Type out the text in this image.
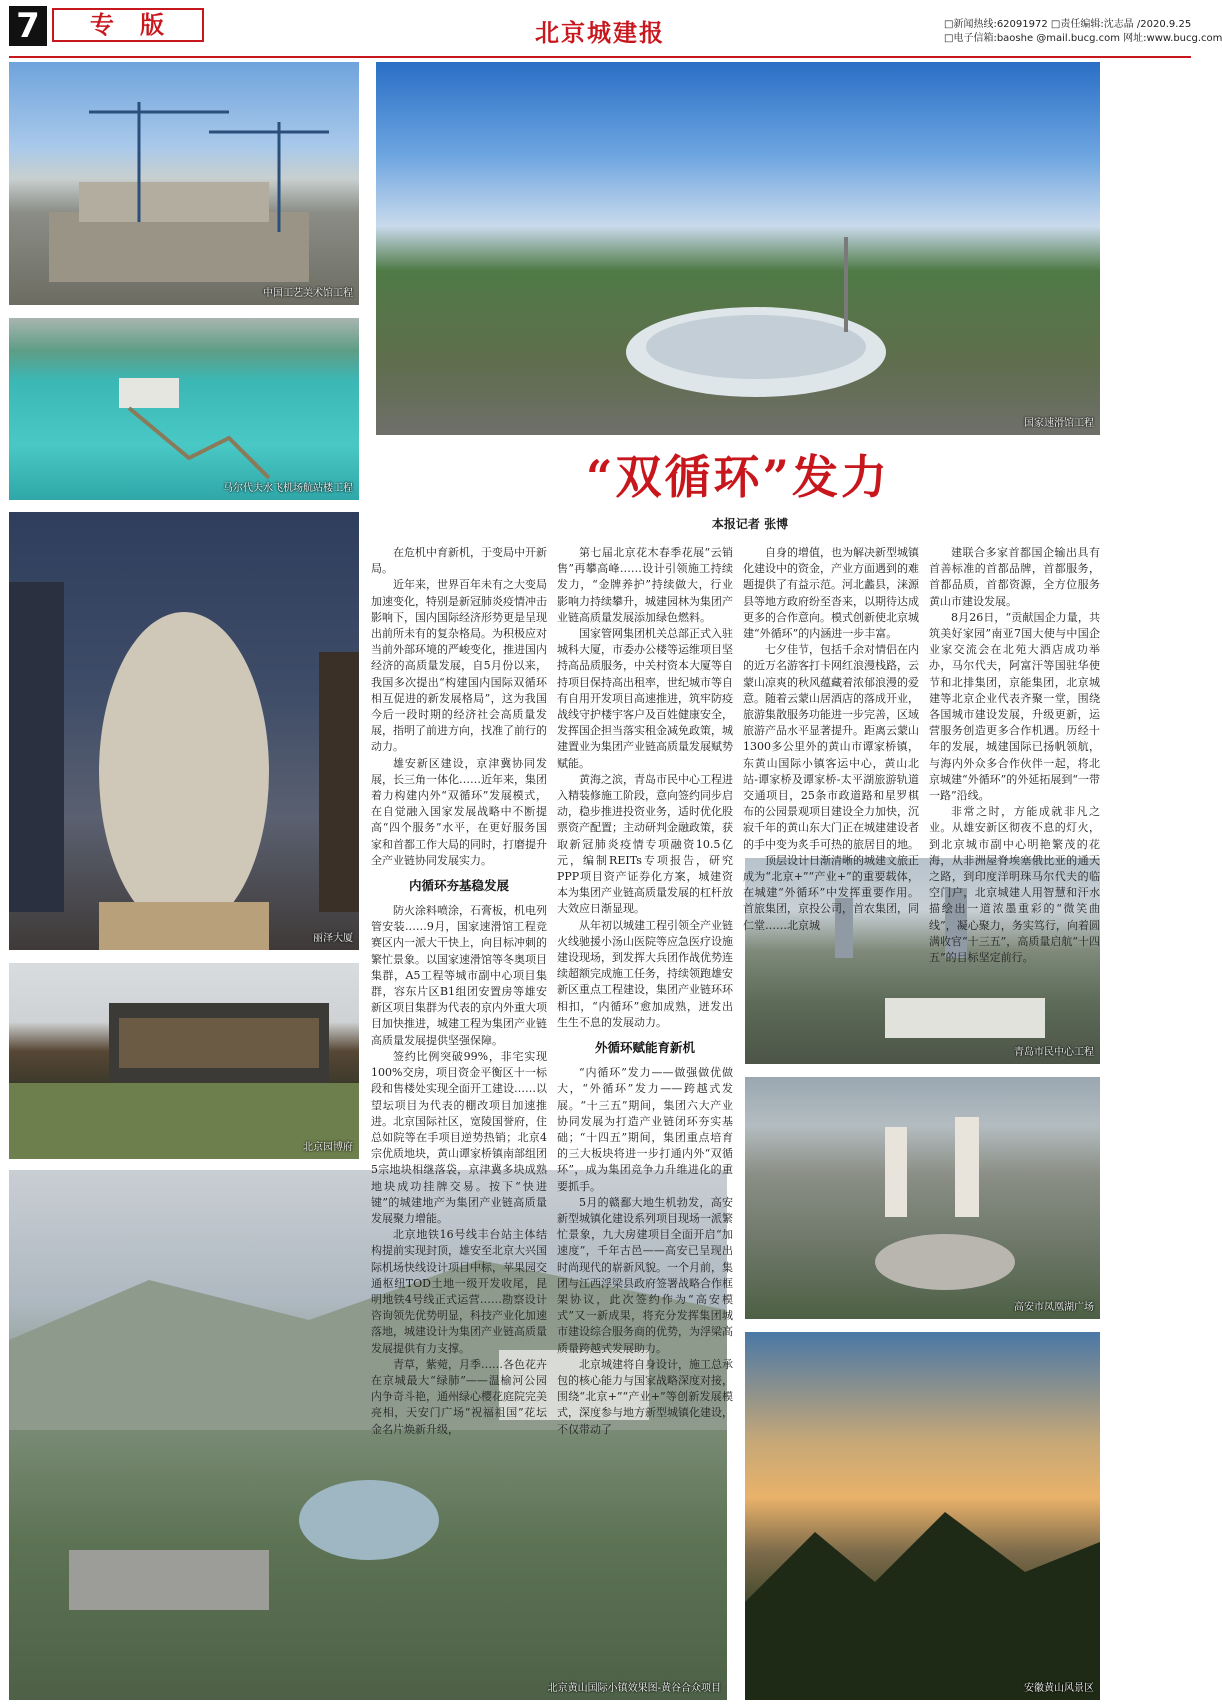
7	专版	北京城建报	□新闻热线:62091972 □责任编辑:沈志晶 /2020.9.25
□电子信箱:baoshe @mail.bucg.com 网址:www.bucg.com
中国工艺美术馆工程
马尔代夫水飞机场航站楼工程
国家速滑馆工程
丽泽大厦
北京园博府
青岛市民中心工程
高安市凤凰湖广场
北京黄山国际小镇效果图-黄谷合众项目	安徽黄山风景区
“双循环”发力
本报记者 张博

在危机中育新机，于变局中开新局。

近年来，世界百年未有之大变局加速变化，特别是新冠肺炎疫情冲击影响下，国内国际经济形势更是呈现出前所未有的复杂格局。为积极应对当前外部环境的严峻变化，推进国内经济的高质量发展，自5月份以来，我国多次提出“构建国内国际双循环相互促进的新发展格局”，这为我国今后一段时期的经济社会高质量发展，指明了前进方向，找准了前行的动力。

雄安新区建设，京津冀协同发展，长三角一体化……近年来，集团着力构建内外“双循环”发展模式，在自觉融入国家发展战略中不断提高“四个服务”水平，在更好服务国家和首都工作大局的同时，打磨提升全产业链协同发展实力。

内循环夯基稳发展

防火涂料喷涂，石膏板，机电列管安装……9月，国家速滑馆工程竞赛区内一派大干快上，向目标冲刺的繁忙景象。以国家速滑馆等冬奥项目集群，A5工程等城市副中心项目集群，容东片区B1组团安置房等雄安新区项目集群为代表的京内外重大项目加快推进，城建工程为集团产业链高质量发展提供坚强保障。

签约比例突破99%，非宅实现100%交房，项目资金平衡区十一标段和售楼处实现全面开工建设……以望坛项目为代表的棚改项目加速推进。北京国际社区，宽陵国誉府，住总如院等在手项目逆势热销；北京4宗优质地块，黄山谭家桥镇南部组团5宗地块相继落袋，京津冀多块成熟地块成功挂牌交易。按下“快进键”的城建地产为集团产业链高质量发展聚力增能。

北京地铁16号线丰台站主体结构提前实现封顶，雄安至北京大兴国际机场快线设计项目中标，苹果园交通枢纽TOD土地一级开发收尾，昆明地铁4号线正式运营……勘察设计咨询领先优势明显，科技产业化加速落地，城建设计为集团产业链高质量发展提供有力支撑。

青草，紫菀，月季……各色花卉在京城最大“绿肺”——温榆河公园内争奇斗艳，通州绿心樱花庭院完美亮相，天安门广场“祝福祖国”花坛金名片焕新升级，

第七届北京花木春季花展“云销售”再攀高峰……设计引领施工持续发力，“金牌养护”持续做大，行业影响力持续攀升，城建园林为集团产业链高质量发展添加绿色燃料。

国家管网集团机关总部正式入驻城科大厦，市委办公楼等运维项目坚持高品质服务，中关村资本大厦等自持项目保持高出租率，世纪城市等自有自用开发项目高速推进，筑牢防疫战线守护楼宇客户及百姓健康安全，发挥国企担当落实租金减免政策，城建置业为集团产业链高质量发展赋势赋能。

黄海之滨，青岛市民中心工程进入精装修施工阶段，意向签约同步启动，稳步推进投资业务，适时优化股票资产配置；主动研判金融政策，获取新冠肺炎疫情专项融资10.5亿元，编制REITs专项报告，研究PPP项目资产证券化方案，城建资本为集团产业链高质量发展的杠杆放大效应日渐显现。

从年初以城建工程引领全产业链火线驰援小汤山医院等应急医疗设施建设现场，到发挥大兵团作战优势连续超额完成施工任务，持续领跑雄安新区重点工程建设，集团产业链环环相扣，“内循环”愈加成熟，迸发出生生不息的发展动力。

外循环赋能育新机

“内循环”发力——做强做优做大，“外循环”发力——跨越式发展。“十三五”期间，集团六大产业协同发展为打造产业链闭环夯实基础；“十四五”期间，集团重点培育的三大板块将进一步打通内外“双循环”，成为集团竞争力升维进化的重要抓手。

5月的赣鄱大地生机勃发，高安新型城镇化建设系列项目现场一派繁忙景象，九大房建项目全面开启“加速度”，千年古邑——高安已呈现出时尚现代的崭新风貌。一个月前，集团与江西浮梁县政府签署战略合作框架协议，此次签约作为“高安模式”又一新成果，将充分发挥集团城市建设综合服务商的优势，为浮梁高质量跨越式发展助力。

北京城建将自身设计，施工总承包的核心能力与国家战略深度对接，围绕“北京+”“产业+”等创新发展模式，深度参与地方新型城镇化建设，不仅带动了

自身的增值，也为解决新型城镇化建设中的资金，产业方面遇到的难题提供了有益示范。河北蠡县，涞源县等地方政府纷至沓来，以期待达成更多的合作意向。模式创新使北京城建“外循环”的内涵进一步丰富。

七夕佳节，包括千余对情侣在内的近万名游客打卡网红浪漫栈路，云蒙山凉爽的秋风蕴藏着浓郁浪漫的爱意。随着云蒙山居酒店的落成开业，旅游集散服务功能进一步完善，区域旅游产品水平显著提升。距离云蒙山1300多公里外的黄山市谭家桥镇，东黄山国际小镇客运中心，黄山北站-谭家桥及谭家桥-太平湖旅游轨道交通项目，25条市政道路和星罗棋布的公园景观项目建设全力加快，沉寂千年的黄山东大门正在城建建设者的手中变为炙手可热的旅居目的地。

顶层设计日渐清晰的城建文旅正成为“北京+”“产业+”的重要载体，在城建“外循环”中发挥重要作用。首旅集团，京投公司，首农集团，同仁堂……北京城

建联合多家首都国企输出具有首善标准的首都品牌，首都服务，首都品质，首都资源，全方位服务黄山市建设发展。

8月26日，“贡献国企力量，共筑美好家园”南亚7国大使与中国企业家交流会在北苑大酒店成功举办，马尔代夫，阿富汗等国驻华使节和北排集团，京能集团，北京城建等北京企业代表齐聚一堂，围绕各国城市建设发展，升级更新，运营服务创造更多合作机遇。历经十年的发展，城建国际已扬帆领航，与海内外众多合作伙伴一起，将北京城建“外循环”的外延拓展到“一带一路”沿线。

非常之时，方能成就非凡之业。从雄安新区彻夜不息的灯火，到北京城市副中心明艳繁茂的花海，从非洲屋脊埃塞俄比亚的通天之路，到印度洋明珠马尔代夫的临空门户，北京城建人用智慧和汗水描绘出一道浓墨重彩的“微笑曲线”，凝心聚力，务实笃行，向着圆满收官“十三五”，高质量启航“十四五”的目标坚定前行。
